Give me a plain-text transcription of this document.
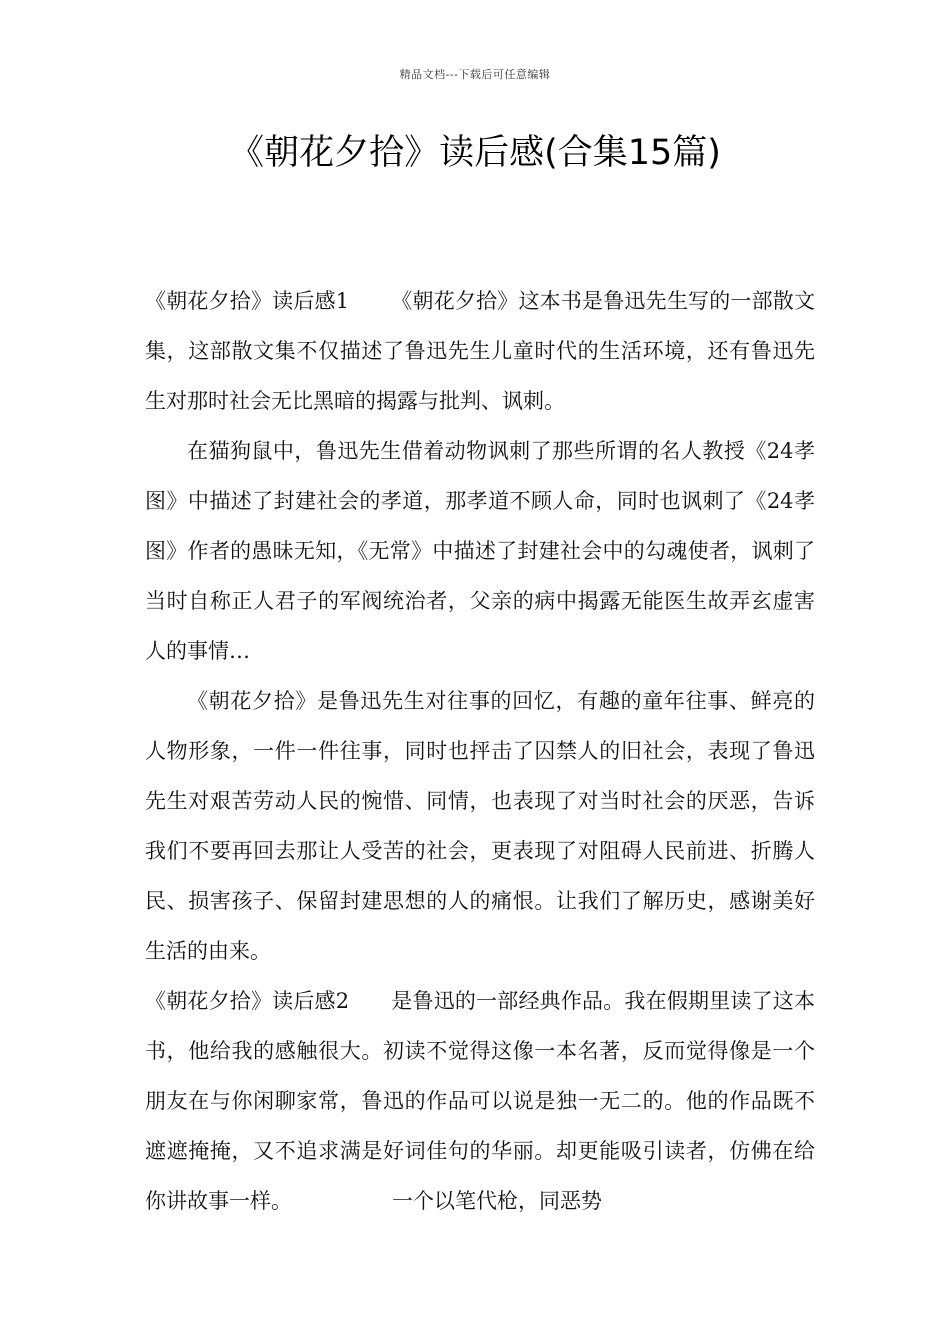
精品文档---下载后可任意编辑
《朝花夕拾》读后感(合集15篇)

《朝花夕拾》读后感1 《朝花夕拾》这本书是鲁迅先生写的一部散文集，这部散文集不仅描述了鲁迅先生儿童时代的生活环境，还有鲁迅先生对那时社会无比黑暗的揭露与批判、讽刺。

在猫狗鼠中，鲁迅先生借着动物讽刺了那些所谓的名人教授《24孝图》中描述了封建社会的孝道，那孝道不顾人命，同时也讽刺了《24孝图》作者的愚昧无知，《无常》中描述了封建社会中的勾魂使者，讽刺了当时自称正人君子的军阀统治者，父亲的病中揭露无能医生故弄玄虚害人的事情…

《朝花夕拾》是鲁迅先生对往事的回忆，有趣的童年往事、鲜亮的人物形象，一件一件往事，同时也抨击了囚禁人的旧社会，表现了鲁迅先生对艰苦劳动人民的惋惜、同情，也表现了对当时社会的厌恶，告诉我们不要再回去那让人受苦的社会，更表现了对阻碍人民前进、折腾人民、损害孩子、保留封建思想的人的痛恨。让我们了解历史，感谢美好生活的由来。

《朝花夕拾》读后感2 是鲁迅的一部经典作品。我在假期里读了这本书，他给我的感触很大。初读不觉得这像一本名著，反而觉得像是一个朋友在与你闲聊家常，鲁迅的作品可以说是独一无二的。他的作品既不遮遮掩掩，又不追求满是好词佳句的华丽。却更能吸引读者，仿佛在给你讲故事一样。	一个以笔代枪，同恶势
